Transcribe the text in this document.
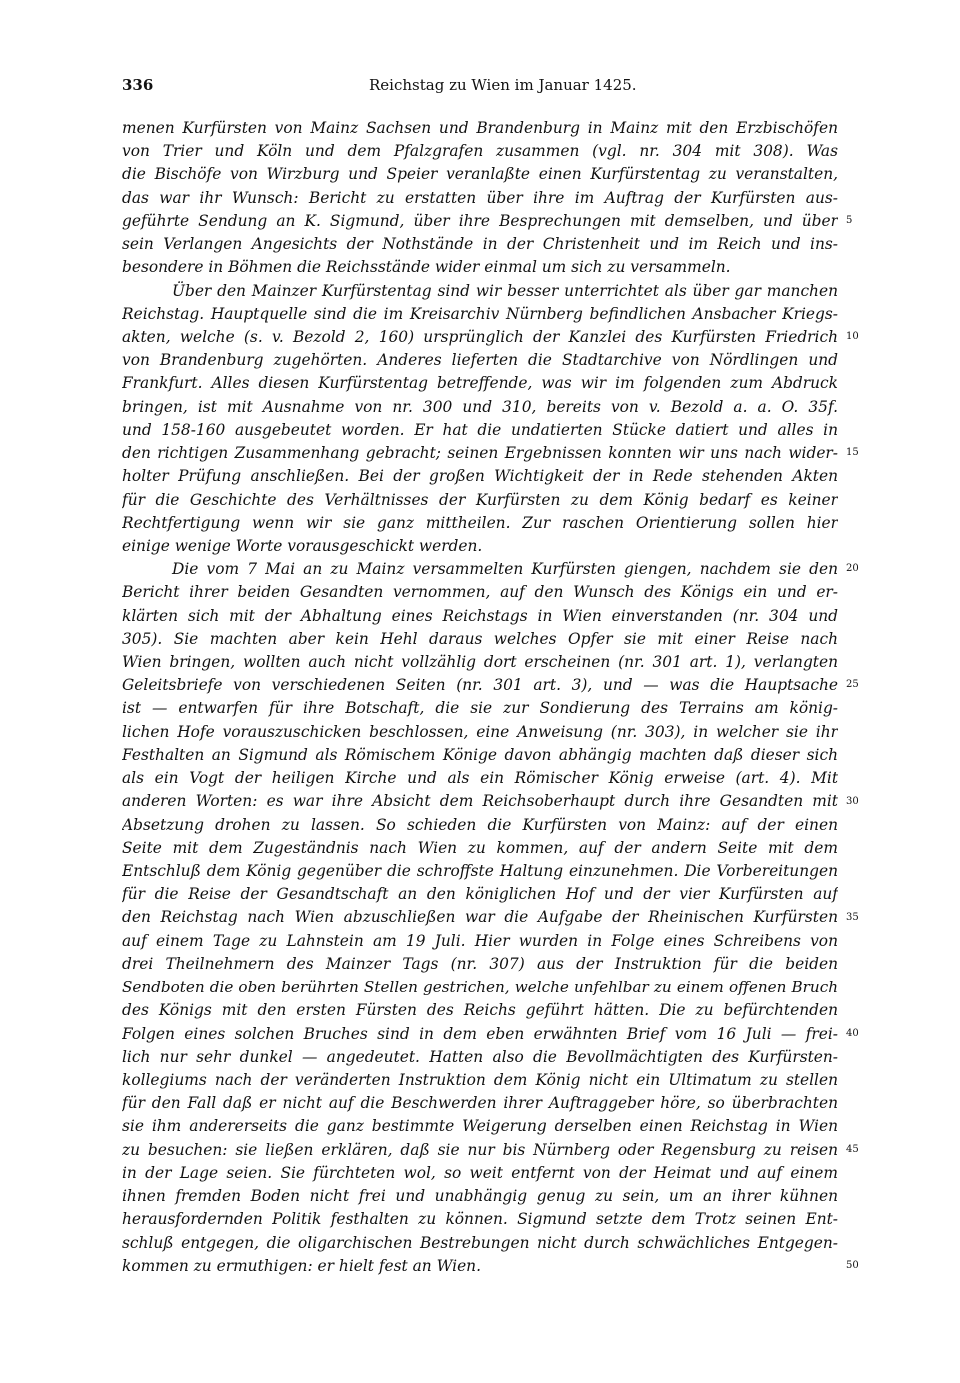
336	Reichstag zu Wien im Januar 1425.
menen Kurfürsten von Mainz Sachsen und Brandenburg in Mainz mit den Erzbischöfen
von Trier und Köln und dem Pfalzgrafen zusammen (vgl. nr. 304 mit 308). Was
die Bischöfe von Wirzburg und Speier veranlaßte einen Kurfürstentag zu veranstalten,
das war ihr Wunsch: Bericht zu erstatten über ihre im Auftrag der Kurfürsten aus-
geführte Sendung an K. Sigmund, über ihre Besprechungen mit demselben, und über
sein Verlangen Angesichts der Nothstände in der Christenheit und im Reich und ins-
besondere in Böhmen die Reichsstände wider einmal um sich zu versammeln.
Über den Mainzer Kurfürstentag sind wir besser unterrichtet als über gar manchen
Reichstag. Hauptquelle sind die im Kreisarchiv Nürnberg befindlichen Ansbacher Kriegs-
akten, welche (s. v. Bezold 2, 160) ursprünglich der Kanzlei des Kurfürsten Friedrich
von Brandenburg zugehörten. Anderes lieferten die Stadtarchive von Nördlingen und
Frankfurt. Alles diesen Kurfürstentag betreffende, was wir im folgenden zum Abdruck
bringen, ist mit Ausnahme von nr. 300 und 310, bereits von v. Bezold a. a. O. 35f.
und 158-160 ausgebeutet worden. Er hat die undatierten Stücke datiert und alles in
den richtigen Zusammenhang gebracht; seinen Ergebnissen konnten wir uns nach wider-
holter Prüfung anschließen. Bei der großen Wichtigkeit der in Rede stehenden Akten
für die Geschichte des Verhältnisses der Kurfürsten zu dem König bedarf es keiner
Rechtfertigung wenn wir sie ganz mittheilen. Zur raschen Orientierung sollen hier
einige wenige Worte vorausgeschickt werden.
Die vom 7 Mai an zu Mainz versammelten Kurfürsten giengen, nachdem sie den
Bericht ihrer beiden Gesandten vernommen, auf den Wunsch des Königs ein und er-
klärten sich mit der Abhaltung eines Reichstags in Wien einverstanden (nr. 304 und
305). Sie machten aber kein Hehl daraus welches Opfer sie mit einer Reise nach
Wien bringen, wollten auch nicht vollzählig dort erscheinen (nr. 301 art. 1), verlangten
Geleitsbriefe von verschiedenen Seiten (nr. 301 art. 3), und — was die Hauptsache
ist — entwarfen für ihre Botschaft, die sie zur Sondierung des Terrains am könig-
lichen Hofe vorauszuschicken beschlossen, eine Anweisung (nr. 303), in welcher sie ihr
Festhalten an Sigmund als Römischem Könige davon abhängig machten daß dieser sich
als ein Vogt der heiligen Kirche und als ein Römischer König erweise (art. 4). Mit
anderen Worten: es war ihre Absicht dem Reichsoberhaupt durch ihre Gesandten mit
Absetzung drohen zu lassen. So schieden die Kurfürsten von Mainz: auf der einen
Seite mit dem Zugeständnis nach Wien zu kommen, auf der andern Seite mit dem
Entschluß dem König gegenüber die schroffste Haltung einzunehmen. Die Vorbereitungen
für die Reise der Gesandtschaft an den königlichen Hof und der vier Kurfürsten auf
den Reichstag nach Wien abzuschließen war die Aufgabe der Rheinischen Kurfürsten
auf einem Tage zu Lahnstein am 19 Juli. Hier wurden in Folge eines Schreibens von
drei Theilnehmern des Mainzer Tags (nr. 307) aus der Instruktion für die beiden
Sendboten die oben berührten Stellen gestrichen, welche unfehlbar zu einem offenen Bruch
des Königs mit den ersten Fürsten des Reichs geführt hätten. Die zu befürchtenden
Folgen eines solchen Bruches sind in dem eben erwähnten Brief vom 16 Juli — frei-
lich nur sehr dunkel — angedeutet. Hatten also die Bevollmächtigten des Kurfürsten-
kollegiums nach der veränderten Instruktion dem König nicht ein Ultimatum zu stellen
für den Fall daß er nicht auf die Beschwerden ihrer Auftraggeber höre, so überbrachten
sie ihm andererseits die ganz bestimmte Weigerung derselben einen Reichstag in Wien
zu besuchen: sie ließen erklären, daß sie nur bis Nürnberg oder Regensburg zu reisen
in der Lage seien. Sie fürchteten wol, so weit entfernt von der Heimat und auf einem
ihnen fremden Boden nicht frei und unabhängig genug zu sein, um an ihrer kühnen
herausfordernden Politik festhalten zu können. Sigmund setzte dem Trotz seinen Ent-
schluß entgegen, die oligarchischen Bestrebungen nicht durch schwächliches Entgegen-
kommen zu ermuthigen: er hielt fest an Wien.
5
10
15
20
25
30
35
40
45
50
